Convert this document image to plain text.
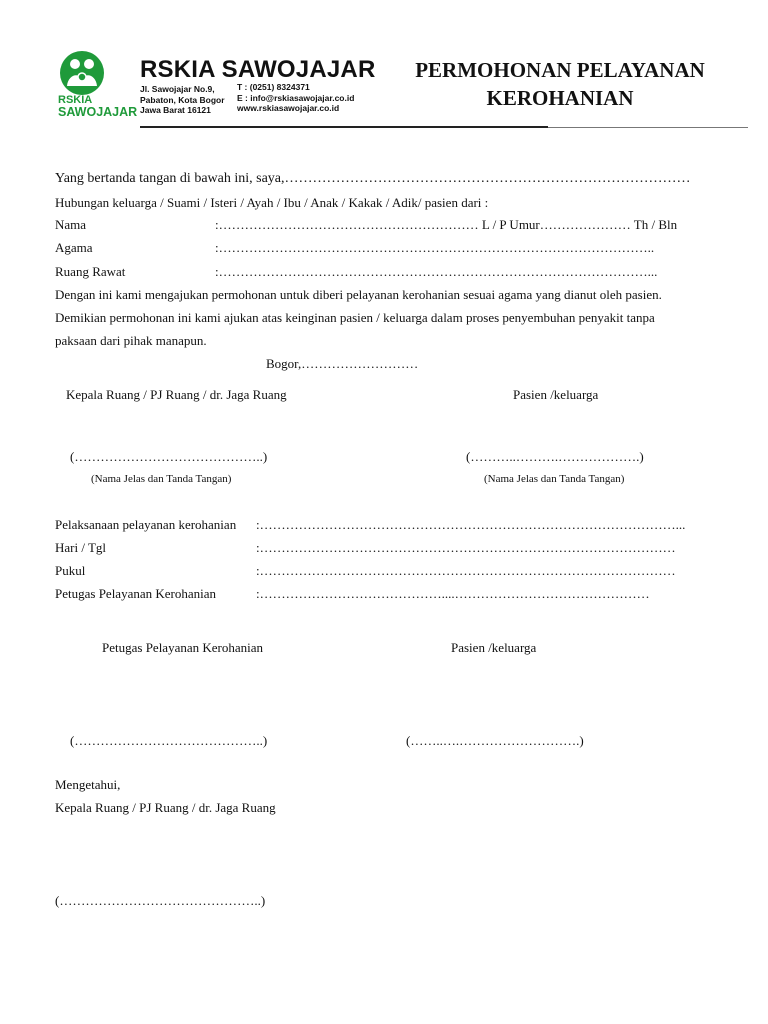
RSKIA
SAWOJAJAR
RSKIA SAWOJAJAR
Jl. Sawojajar No.9,
Pabaton, Kota Bogor
Jawa Barat 16121
T : (0251) 8324371
E : info@rskiasawojajar.co.id
www.rskiasawojajar.co.id
PERMOHONAN PELAYANAN
KEROHANIAN
Yang bertanda tangan di bawah ini, saya,……………………………………………………………………………
Hubungan keluarga / Suami / Isteri / Ayah / Ibu / Anak / Kakak / Adik/ pasien dari :
Nama	:…………………………………………………… L / P Umur………………… Th / Bln
Agama	:………………………………………………………………………………………..
Ruang Rawat	:………………………………………………………………………………………...
Dengan ini kami mengajukan permohonan untuk diberi pelayanan kerohanian sesuai agama yang dianut oleh pasien.
Demikian permohonan ini kami ajukan atas keinginan pasien / keluarga dalam proses penyembuhan penyakit tanpa
paksaan dari pihak manapun.
Bogor,………………………
Kepala Ruang / PJ Ruang / dr. Jaga Ruang	Pasien /keluarga
(……………………………………..)	(………..……….……………….)
(Nama Jelas dan Tanda Tangan)	(Nama Jelas dan Tanda Tangan)
Pelaksanaan pelayanan kerohanian :……………………………………………………………………………………...
Hari / Tgl	:……………………………………………………………………………………
Pukul	:……………………………………………………………………………………
Petugas Pelayanan Kerohanian	:……………………………………....………………………………………
Petugas Pelayanan Kerohanian	Pasien /keluarga
(……………………………………..)	(……..….……………………….)
Mengetahui,
Kepala Ruang / PJ Ruang / dr. Jaga Ruang
(………………………………………..)
